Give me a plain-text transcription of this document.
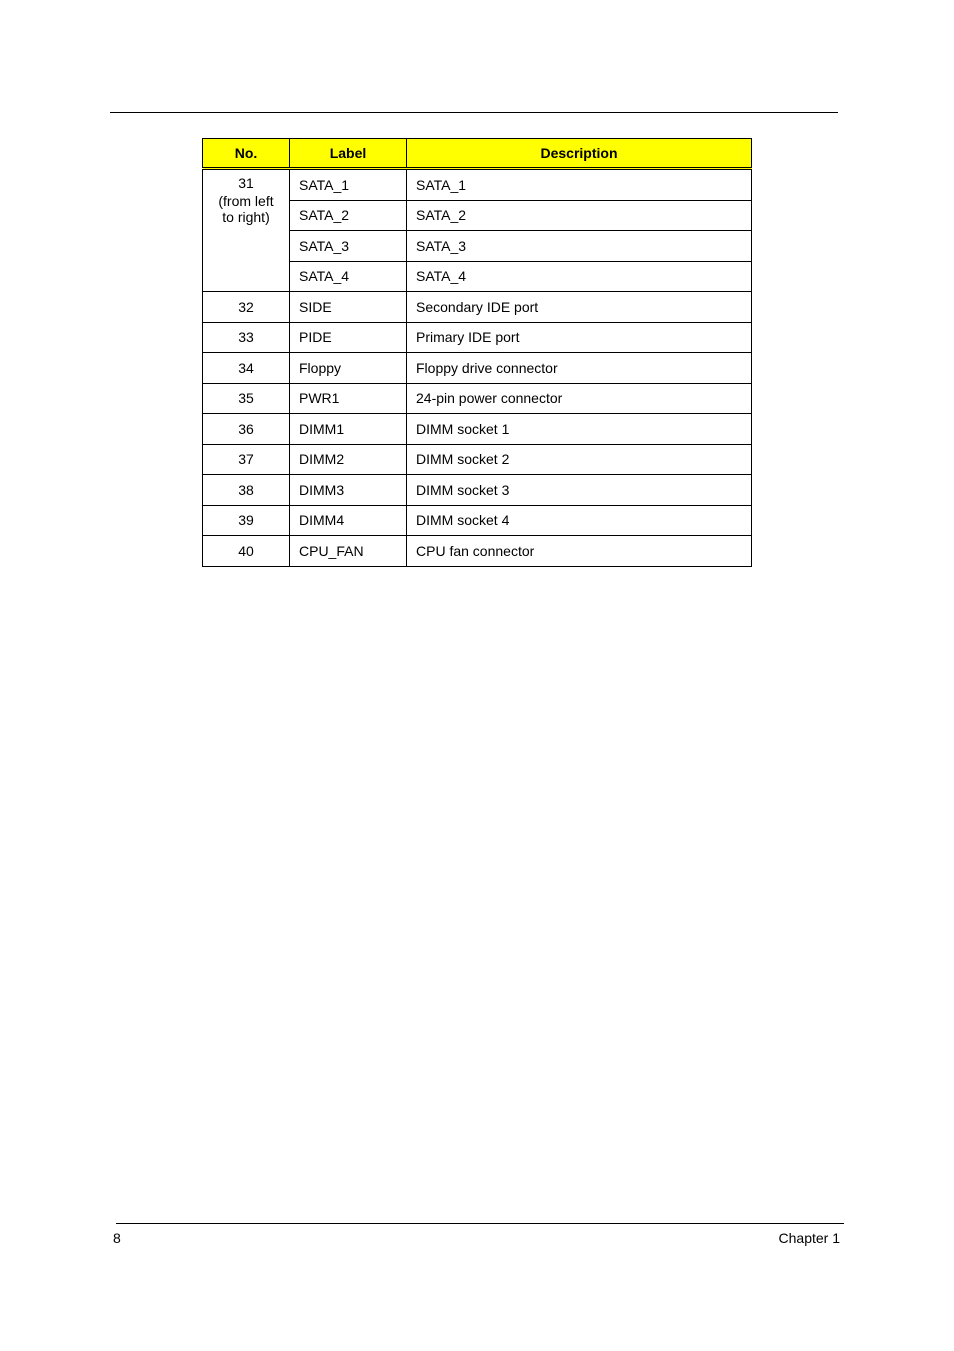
No.	Label	Description

31
(from left
to right)	SATA_1	SATA_1
	SATA_2	SATA_2
	SATA_3	SATA_3
	SATA_4	SATA_4
32	SIDE	Secondary IDE port
33	PIDE	Primary IDE port
34	Floppy	Floppy drive connector
35	PWR1	24-pin power connector
36	DIMM1	DIMM socket 1
37	DIMM2	DIMM socket 2
38	DIMM3	DIMM socket 3
39	DIMM4	DIMM socket 4
40	CPU_FAN	CPU fan connector
8	Chapter 1
